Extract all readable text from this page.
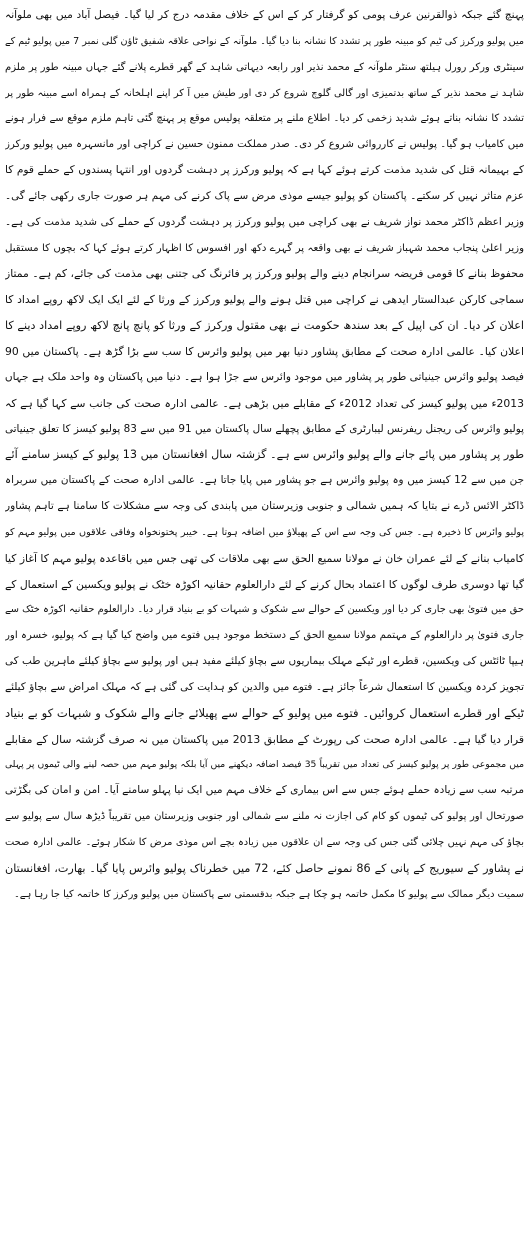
پہنچ گئے جبکہ ذوالقرنین عرف پومی کو گرفتار کر کے اس کے خلاف مقدمہ درج کر لیا گیا۔ فیصل آباد میں بھی ملوآنہ
میں پولیو ورکرز کی ٹیم کو مبینہ طور پر تشدد کا نشانہ بنا دیا گیا۔ ملوآنہ کے نواحی علاقہ شفیق ٹاؤن گلی نمبر 7 میں پولیو ٹیم کے
سینٹری ورکر رورل ہیلتھ سنٹر ملوآنہ کے محمد نذیر اور رابعہ دیہاتی شاہد کے گھر قطرے پلانے گئے جہاں مبینہ طور پر ملزم
شاہد نے محمد نذیر کے ساتھ بدتمیزی اور گالی گلوچ شروع کر دی اور طیش میں آ کر اپنے اہلخانہ کے ہمراہ اسے مبینہ طور پر
تشدد کا نشانہ بناتے ہوئے شدید زخمی کر دیا۔ اطلاع ملنے پر متعلقہ پولیس موقع پر پہنچ گئی تاہم ملزم موقع سے فرار ہونے
میں کامیاب ہو گیا۔ پولیس نے کارروائی شروع کر دی۔ صدر مملکت ممنون حسین نے کراچی اور مانسہرہ میں پولیو ورکرز
کے بہیمانہ قتل کی شدید مذمت کرتے ہوئے کہا ہے کہ پولیو ورکرز پر دہشت گردوں اور انتہا پسندوں کے حملے قوم کا
عزم متاثر نہیں کر سکتے۔ پاکستان کو پولیو جیسے موذی مرض سے پاک کرنے کی مہم ہر صورت جاری رکھی جائے گی۔
وزیر اعظم ڈاکٹر محمد نواز شریف نے بھی کراچی میں پولیو ورکرز پر دہشت گردوں کے حملے کی شدید مذمت کی ہے۔
وزیر اعلیٰ پنجاب محمد شہباز شریف نے بھی واقعہ پر گہرے دکھ اور افسوس کا اظہار کرتے ہوئے کہا کہ بچوں کا مستقبل
محفوظ بنانے کا قومی فریضہ سرانجام دینے والے پولیو ورکرز پر فائرنگ کی جتنی بھی مذمت کی جائے، کم ہے۔ ممتاز
سماجی کارکن عبدالستار ایدھی نے کراچی میں قتل ہونے والے پولیو ورکرز کے ورثا کے لئے ایک ایک لاکھ روپے امداد کا
اعلان کر دیا۔ ان کی اپیل کے بعد سندھ حکومت نے بھی مقتول ورکرز کے ورثا کو پانچ پانچ لاکھ روپے امداد دینے کا
اعلان کیا۔ عالمی ادارہ صحت کے مطابق پشاور دنیا بھر میں پولیو وائرس کا سب سے بڑا گڑھ ہے۔ پاکستان میں 90
فیصد پولیو وائرس جینیاتی طور پر پشاور میں موجود وائرس سے جڑا ہوا ہے۔ دنیا میں پاکستان وہ واحد ملک ہے جہاں
2013ء میں پولیو کیسز کی تعداد 2012ء کے مقابلے میں بڑھی ہے۔ عالمی ادارہ صحت کی جانب سے کہا گیا ہے کہ
پولیو وائرس کی ریجنل ریفرنس لیبارٹری کے مطابق پچھلے سال پاکستان میں 91 میں سے 83 پولیو کیسز کا تعلق جینیاتی
طور پر پشاور میں پائے جانے والے پولیو وائرس سے ہے۔ گزشتہ سال افغانستان میں 13 پولیو کے کیسز سامنے آئے
جن میں سے 12 کیسز میں وہ پولیو وائرس ہے جو پشاور میں پایا جاتا ہے۔ عالمی ادارہ صحت کے پاکستان میں سربراہ
ڈاکٹر الائس ڈرے نے بتایا کہ ہمیں شمالی و جنوبی وزیرستان میں پابندی کی وجہ سے مشکلات کا سامنا ہے تاہم پشاور
پولیو وائرس کا ذخیرہ ہے۔ جس کی وجہ سے اس کے پھیلاؤ میں اضافہ ہوتا ہے۔ خیبر پختونخواہ وفاقی علاقوں میں پولیو مہم کو
کامیاب بنانے کے لئے عمران خان نے مولانا سمیع الحق سے بھی ملاقات کی تھی جس میں باقاعدہ پولیو مہم کا آغاز کیا
گیا تھا دوسری طرف لوگوں کا اعتماد بحال کرنے کے لئے دارالعلوم حقانیہ اکوڑہ خٹک نے پولیو ویکسین کے استعمال کے
حق میں فتویٰ بھی جاری کر دیا اور ویکسین کے حوالے سے شکوک و شبہات کو بے بنیاد قرار دیا۔ دارالعلوم حقانیہ اکوڑہ خٹک سے
جاری فتویٰ پر دارالعلوم کے مہتمم مولانا سمیع الحق کے دستخط موجود ہیں فتوے میں واضح کیا گیا ہے کہ پولیو، خسرہ اور
ہیپا ٹائٹس کی ویکسین، قطرے اور ٹیکے مہلک بیماریوں سے بچاؤ کیلئے مفید ہیں اور پولیو سے بچاؤ کیلئے ماہرین طب کی
تجویز کردہ ویکسین کا استعمال شرعاً جائز ہے۔ فتوے میں والدین کو ہدایت کی گئی ہے کہ مہلک امراض سے بچاؤ کیلئے
ٹیکے اور قطرے استعمال کروائیں۔ فتوے میں پولیو کے حوالے سے پھیلائے جانے والے شکوک و شبہات کو بے بنیاد
قرار دیا گیا ہے۔ عالمی ادارہ صحت کی رپورٹ کے مطابق 2013 میں پاکستان میں نہ صرف گزشتہ سال کے مقابلے
میں مجموعی طور پر پولیو کیسز کی تعداد میں تقریباً 35 فیصد اضافہ دیکھنے میں آیا بلکہ پولیو مہم میں حصہ لینے والی ٹیموں پر پہلی
مرتبہ سب سے زیادہ حملے ہوئے جس سے اس بیماری کے خلاف مہم میں ایک نیا پہلو سامنے آیا۔ امن و امان کی بگڑتی
صورتحال اور پولیو کی ٹیموں کو کام کی اجازت نہ ملنے سے شمالی اور جنوبی وزیرستان میں تقریباً ڈیڑھ سال سے پولیو سے
بچاؤ کی مہم نہیں چلائی گئی جس کی وجہ سے ان علاقوں میں زیادہ بچے اس موذی مرض کا شکار ہوئے۔ عالمی ادارہ صحت
نے پشاور کے سیوریج کے پانی کے 86 نمونے حاصل کئے، 72 میں خطرناک پولیو وائرس پایا گیا۔ بھارت، افغانستان
سمیت دیگر ممالک سے پولیو کا مکمل خاتمہ ہو چکا ہے جبکہ بدقسمتی سے پاکستان میں پولیو ورکرز کا خاتمہ کیا جا رہا ہے۔
